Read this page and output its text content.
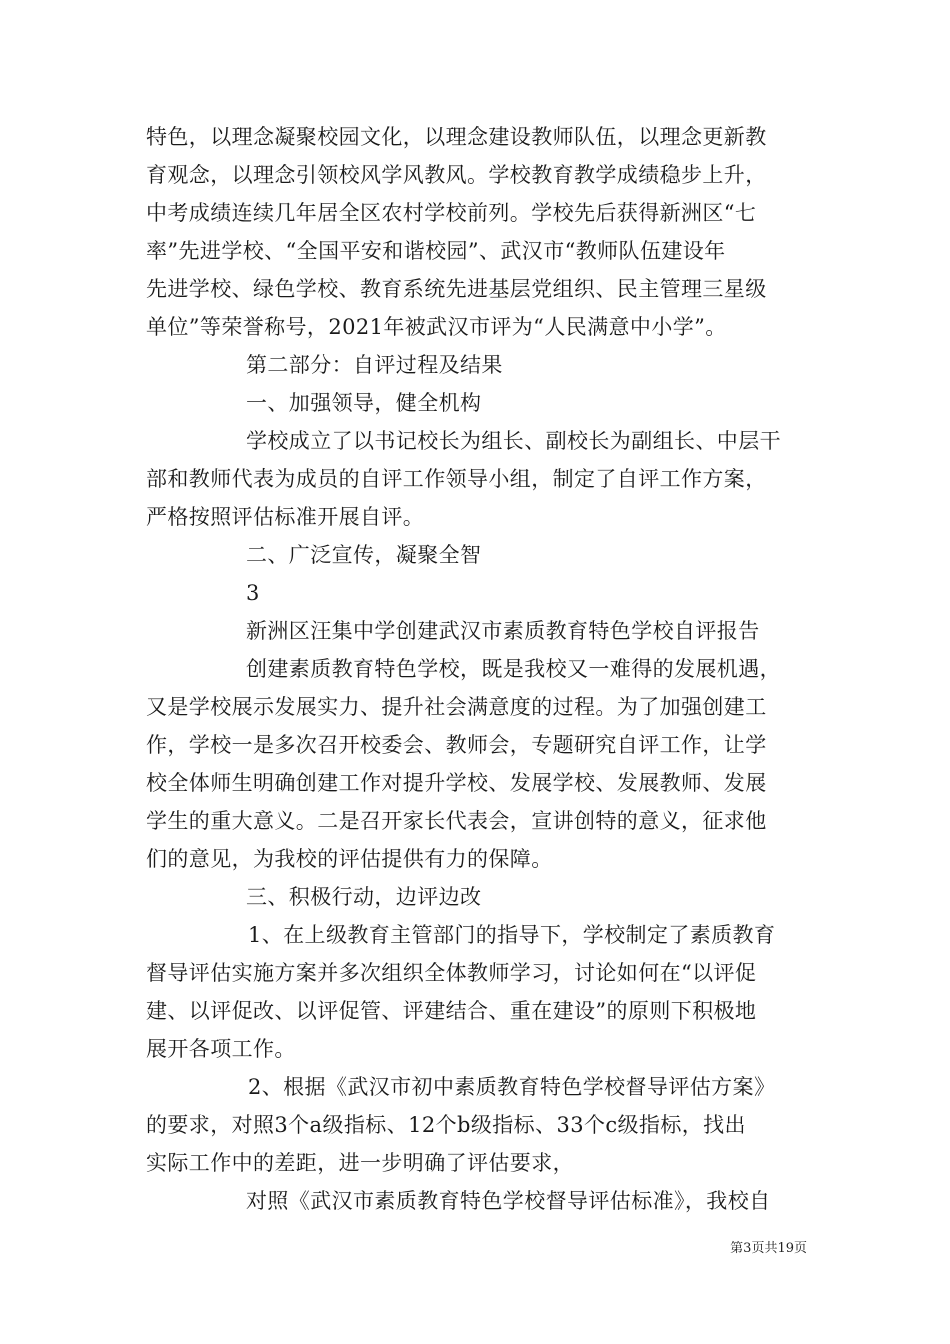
特色，以理念凝聚校园文化，以理念建设教师队伍，以理念更新教
育观念，以理念引领校风学风教风。学校教育教学成绩稳步上升，
中考成绩连续几年居全区农村学校前列。学校先后获得新洲区“七
率”先进学校、“全国平安和谐校园”、武汉市“教师队伍建设年
先进学校、绿色学校、教育系统先进基层党组织、民主管理三星级
单位”等荣誉称号，2021年被武汉市评为“人民满意中小学”。
第二部分：自评过程及结果
一、加强领导，健全机构
学校成立了以书记校长为组长、副校长为副组长、中层干
部和教师代表为成员的自评工作领导小组，制定了自评工作方案，
严格按照评估标准开展自评。
二、广泛宣传，凝聚全智
3
新洲区汪集中学创建武汉市素质教育特色学校自评报告
创建素质教育特色学校，既是我校又一难得的发展机遇，
又是学校展示发展实力、提升社会满意度的过程。为了加强创建工
作，学校一是多次召开校委会、教师会，专题研究自评工作，让学
校全体师生明确创建工作对提升学校、发展学校、发展教师、发展
学生的重大意义。二是召开家长代表会，宣讲创特的意义，征求他
们的意见，为我校的评估提供有力的保障。
三、积极行动，边评边改
1、在上级教育主管部门的指导下，学校制定了素质教育
督导评估实施方案并多次组织全体教师学习，讨论如何在“以评促
建、以评促改、以评促管、评建结合、重在建设”的原则下积极地
展开各项工作。
2、根据《武汉市初中素质教育特色学校督导评估方案》
的要求，对照3个a级指标、12个b级指标、33个c级指标，找出
实际工作中的差距，进一步明确了评估要求，
对照《武汉市素质教育特色学校督导评估标准》，我校自
第3页共19页
